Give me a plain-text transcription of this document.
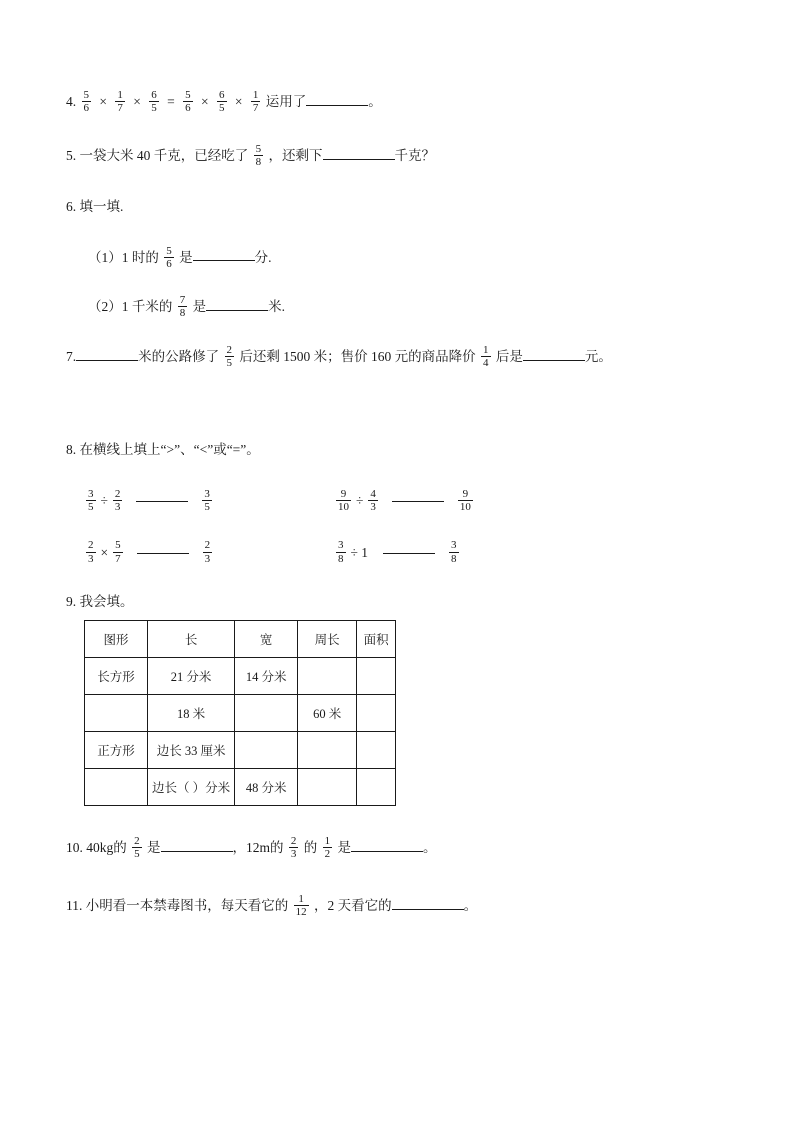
4. $\frac{5}{6} \times \frac{1}{7} \times \frac{6}{5} = \frac{5}{6} \times \frac{6}{5} \times \frac{1}{7}$ 运用了	。
5. 一袋大米 40 千克，已经吃了 $\frac{5}{8}$ ，还剩下	千克？
6. 填一填.
（1）1 时的 $\frac{5}{6}$ 是	分.
（2）1 千米的 $\frac{7}{8}$ 是	米.
7.	米的公路修了 $\frac{2}{5}$ 后还剩 1500 米；售价 160 元的商品降价 $\frac{1}{4}$ 后是	元。
8. 在横线上填上“>”、“<”或“=”。
$\frac{3}{5} \div \frac{2}{3}$	$\frac{3}{5}$	$\frac{9}{10} \div \frac{4}{3}$	$\frac{9}{10}$
$\frac{2}{3} \times \frac{5}{7}$	$\frac{2}{3}$	$\frac{3}{8} \div 1$	$\frac{3}{8}$
9. 我会填。
图形	长	宽	周长	面积
长方形	21 分米	14 分米		
	18 米		60 米	
正方形	边长 33 厘米			
	边长（ ）分米	48 分米		
10. 40kg的 $\frac{2}{5}$ 是	，12m的 $\frac{2}{3}$ 的 $\frac{1}{2}$ 是	。
11. 小明看一本禁毒图书，每天看它的 $\frac{1}{12}$ ，2 天看它的	。
